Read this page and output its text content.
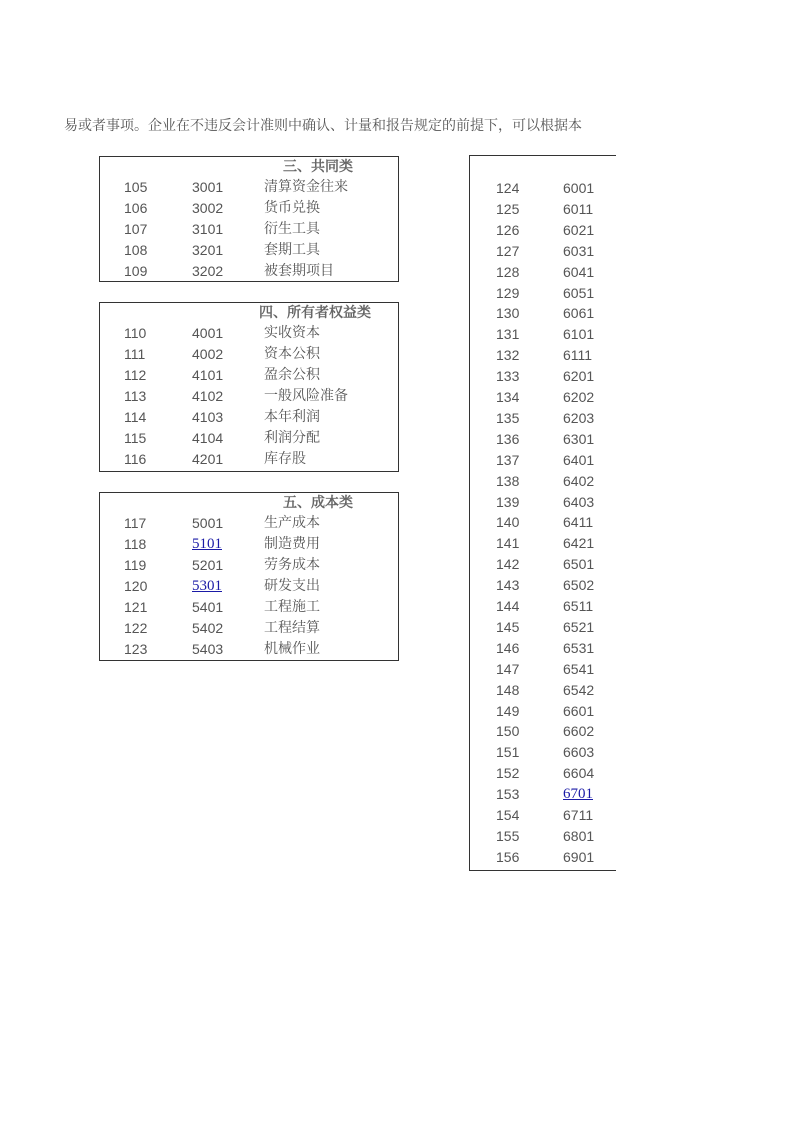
易或者事项。企业在不违反会计准则中确认、计量和报告规定的前提下，可以根据本
三、共同类
105	3001	清算资金往来
106	3002	货币兑换
107	3101	衍生工具
108	3201	套期工具
109	3202	被套期项目
四、所有者权益类
110	4001	实收资本
111	4002	资本公积
112	4101	盈余公积
113	4102	一般风险准备
114	4103	本年利润
115	4104	利润分配
116	4201	库存股
五、成本类
117	5001	生产成本
118	5101	制造费用
119	5201	劳务成本
120	5301	研发支出
121	5401	工程施工
122	5402	工程结算
123	5403	机械作业
124	6001
125	6011
126	6021
127	6031
128	6041
129	6051
130	6061
131	6101
132	6111
133	6201
134	6202
135	6203
136	6301
137	6401
138	6402
139	6403
140	6411
141	6421
142	6501
143	6502
144	6511
145	6521
146	6531
147	6541
148	6542
149	6601
150	6602
151	6603
152	6604
153	6701
154	6711
155	6801
156	6901
